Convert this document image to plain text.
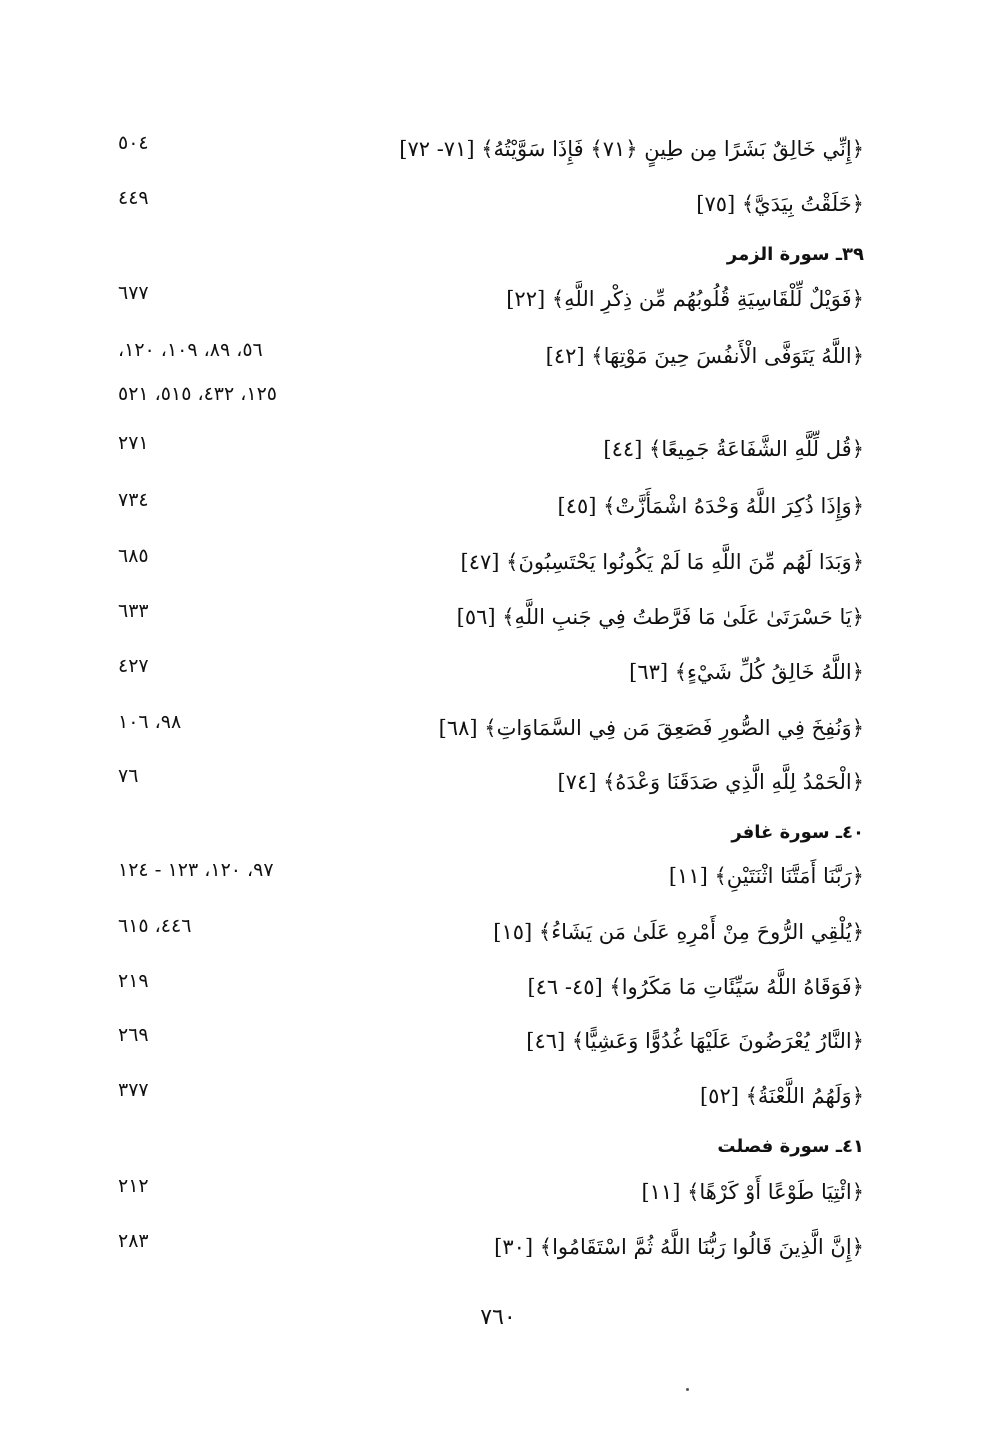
﴿إِنِّي خَالِقٌ بَشَرًا مِن طِينٍ ﴿٧١﴾ فَإِذَا سَوَّيْتُهُ﴾ [٧١- ٧٢]
٥٠٤
﴿خَلَقْتُ بِيَدَيَّ﴾ [٧٥]
٤٤٩
٣٩ـ سورة الزمر
﴿فَوَيْلٌ لِّلْقَاسِيَةِ قُلُوبُهُم مِّن ذِكْرِ اللَّهِ﴾ [٢٢]
٦٧٧
﴿اللَّهُ يَتَوَفَّى الْأَنفُسَ حِينَ مَوْتِهَا﴾ [٤٢]
٥٦، ٨٩، ١٠٩، ١٢٠،
١٢٥، ٤٣٢، ٥١٥، ٥٢١
﴿قُل لِّلَّهِ الشَّفَاعَةُ جَمِيعًا﴾ [٤٤]
٢٧١
﴿وَإِذَا ذُكِرَ اللَّهُ وَحْدَهُ اشْمَأَزَّتْ﴾ [٤٥]
٧٣٤
﴿وَبَدَا لَهُم مِّنَ اللَّهِ مَا لَمْ يَكُونُوا يَحْتَسِبُونَ﴾ [٤٧]
٦٨٥
﴿يَا حَسْرَتَىٰ عَلَىٰ مَا فَرَّطتُ فِي جَنبِ اللَّهِ﴾ [٥٦]
٦٣٣
﴿اللَّهُ خَالِقُ كُلِّ شَيْءٍ﴾ [٦٣]
٤٢٧
﴿وَنُفِخَ فِي الصُّورِ فَصَعِقَ مَن فِي السَّمَاوَاتِ﴾ [٦٨]
٩٨، ١٠٦
﴿الْحَمْدُ لِلَّهِ الَّذِي صَدَقَنَا وَعْدَهُ﴾ [٧٤]
٧٦
٤٠ـ سورة غافر
﴿رَبَّنَا أَمَتَّنَا اثْنَتَيْنِ﴾ [١١]
٩٧، ١٢٠، ١٢٣ - ١٢٤
﴿يُلْقِي الرُّوحَ مِنْ أَمْرِهِ عَلَىٰ مَن يَشَاءُ﴾ [١٥]
٤٤٦، ٦١٥
﴿فَوَقَاهُ اللَّهُ سَيِّئَاتِ مَا مَكَرُوا﴾ [٤٥- ٤٦]
٢١٩
﴿النَّارُ يُعْرَضُونَ عَلَيْهَا غُدُوًّا وَعَشِيًّا﴾ [٤٦]
٢٦٩
﴿وَلَهُمُ اللَّعْنَةُ﴾ [٥٢]
٣٧٧
٤١ـ سورة فصلت
﴿ائْتِيَا طَوْعًا أَوْ كَرْهًا﴾ [١١]
٢١٢
﴿إِنَّ الَّذِينَ قَالُوا رَبُّنَا اللَّهُ ثُمَّ اسْتَقَامُوا﴾ [٣٠]
٢٨٣
٧٦٠
